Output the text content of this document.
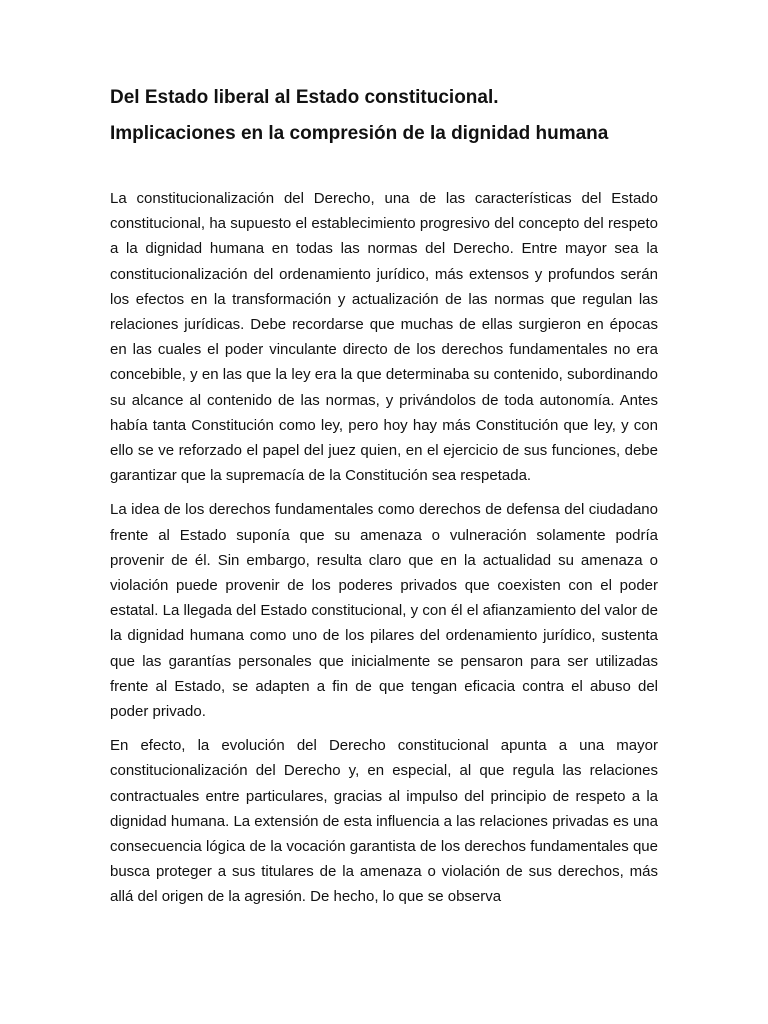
Del Estado liberal al Estado constitucional.
Implicaciones en la compresión de la dignidad humana

La constitucionalización del Derecho, una de las características del Estado constitucional, ha supuesto el establecimiento progresivo del concepto del respeto a la dignidad humana en todas las normas del Derecho. Entre mayor sea la constitucionalización del ordenamiento jurídico, más extensos y profundos serán los efectos en la transformación y actualización de las normas que regulan las relaciones jurídicas. Debe recordarse que muchas de ellas surgieron en épocas en las cuales el poder vinculante directo de los derechos fundamentales no era concebible, y en las que la ley era la que determinaba su contenido, subordinando su alcance al contenido de las normas, y privándolos de toda autonomía. Antes había tanta Constitución como ley, pero hoy hay más Constitución que ley, y con ello se ve reforzado el papel del juez quien, en el ejercicio de sus funciones, debe garantizar que la supremacía de la Constitución sea respetada.

La idea de los derechos fundamentales como derechos de defensa del ciudadano frente al Estado suponía que su amenaza o vulneración solamente podría provenir de él. Sin embargo, resulta claro que en la actualidad su amenaza o violación puede provenir de los poderes privados que coexisten con el poder estatal. La llegada del Estado constitucional, y con él el afianzamiento del valor de la dignidad humana como uno de los pilares del ordenamiento jurídico, sustenta que las garantías personales que inicialmente se pensaron para ser utilizadas frente al Estado, se adapten a fin de que tengan eficacia contra el abuso del poder privado.

En efecto, la evolución del Derecho constitucional apunta a una mayor constitucionalización del Derecho y, en especial, al que regula las relaciones contractuales entre particulares, gracias al impulso del principio de respeto a la dignidad humana. La extensión de esta influencia a las relaciones privadas es una consecuencia lógica de la vocación garantista de los derechos fundamentales que busca proteger a sus titulares de la amenaza o violación de sus derechos, más allá del origen de la agresión. De hecho, lo que se observa
